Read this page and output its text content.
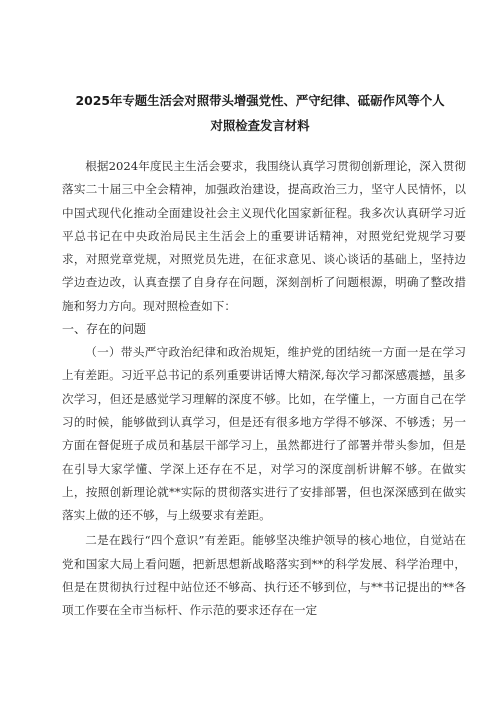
2025年专题生活会对照带头增强党性、严守纪律、砥砺作风等个人
对照检查发言材料

根据2024年度民主生活会要求，我围绕认真学习贯彻创新理论，深入贯彻落实二十届三中全会精神，加强政治建设，提高政治三力，坚守人民情怀，以中国式现代化推动全面建设社会主义现代化国家新征程。我多次认真研学习近平总书记在中央政治局民主生活会上的重要讲话精神，对照党纪党规学习要求，对照党章党规，对照党员先进，在征求意见、谈心谈话的基础上，坚持边学边查边改，认真查摆了自身存在问题，深刻剖析了问题根源，明确了整改措施和努力方向。现对照检查如下：

一、存在的问题

（一）带头严守政治纪律和政治规矩，维护党的团结统一方面一是在学习上有差距。习近平总书记的系列重要讲话博大精深,每次学习都深感震撼，虽多次学习，但还是感觉学习理解的深度不够。比如，在学懂上，一方面自己在学习的时候，能够做到认真学习，但是还有很多地方学得不够深、不够透；另一方面在督促班子成员和基层干部学习上，虽然都进行了部署并带头参加，但是在引导大家学懂、学深上还存在不足，对学习的深度剖析讲解不够。在做实上，按照创新理论就**实际的贯彻落实进行了安排部署，但也深深感到在做实落实上做的还不够，与上级要求有差距。

二是在践行“四个意识”有差距。能够坚决维护领导的核心地位，自觉站在党和国家大局上看问题，把新思想新战略落实到**的科学发展、科学治理中，但是在贯彻执行过程中站位还不够高、执行还不够到位，与**书记提出的**各项工作要在全市当标杆、作示范的要求还存在一定
